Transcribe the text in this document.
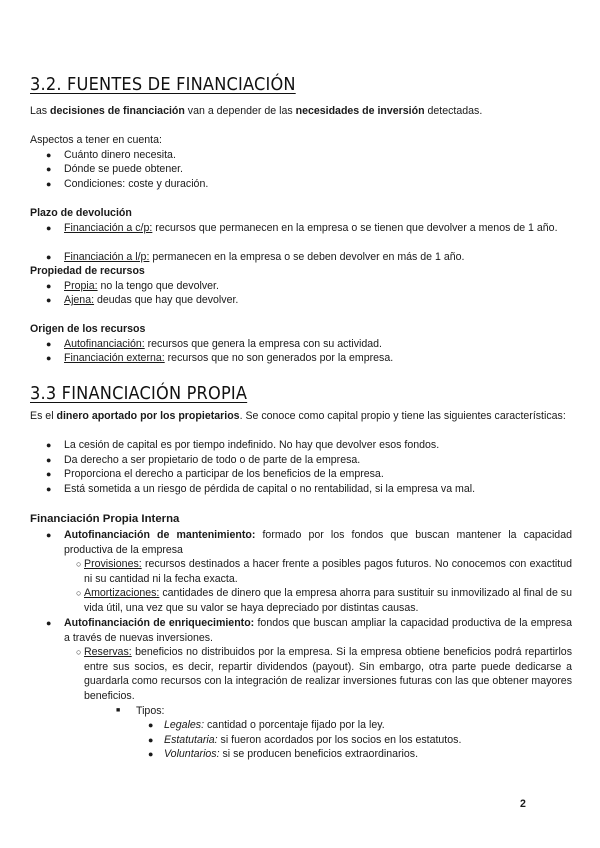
3.2. FUENTES DE FINANCIACIÓN

Las decisiones de financiación van a depender de las necesidades de inversión detectadas.

Aspectos a tener en cuenta:

●	Cuánto dinero necesita.

●	Dónde se puede obtener.

●	Condiciones: coste y duración.

Plazo de devolución

●	Financiación a c/p: recursos que permanecen en la empresa o se tienen que devolver a menos de 1 año.

●	Financiación a l/p: permanecen en la empresa o se deben devolver en más de 1 año.

Propiedad de recursos

●	Propia: no la tengo que devolver.

●	Ajena: deudas que hay que devolver.

Origen de los recursos

●	Autofinanciación: recursos que genera la empresa con su actividad.

●	Financiación externa: recursos que no son generados por la empresa.

3.3 FINANCIACIÓN PROPIA

Es el dinero aportado por los propietarios. Se conoce como capital propio y tiene las siguientes características:

●	La cesión de capital es por tiempo indefinido. No hay que devolver esos fondos.

●	Da derecho a ser propietario de todo o de parte de la empresa.

●	Proporciona el derecho a participar de los beneficios de la empresa.

●	Está sometida a un riesgo de pérdida de capital o no rentabilidad, si la empresa va mal.

Financiación Propia Interna

●	Autofinanciación de mantenimiento: formado por los fondos que buscan mantener la capacidad productiva de la empresa

○ Provisiones: recursos destinados a hacer frente a posibles pagos futuros. No conocemos con exactitud ni su cantidad ni la fecha exacta.

○ Amortizaciones: cantidades de dinero que la empresa ahorra para sustituir su inmovilizado al final de su vida útil, una vez que su valor se haya depreciado por distintas causas.

●	Autofinanciación de enriquecimiento: fondos que buscan ampliar la capacidad productiva de la empresa a través de nuevas inversiones.

○ Reservas: beneficios no distribuidos por la empresa. Si la empresa obtiene beneficios podrá repartirlos entre sus socios, es decir, repartir dividendos (payout). Sin embargo, otra parte puede dedicarse a guardarla como recursos con la integración de realizar inversiones futuras con las que obtener mayores beneficios.

■	Tipos:

● Legales: cantidad o porcentaje fijado por la ley.

● Estatutaria: si fueron acordados por los socios en los estatutos.

● Voluntarios: si se producen beneficios extraordinarios.

2
